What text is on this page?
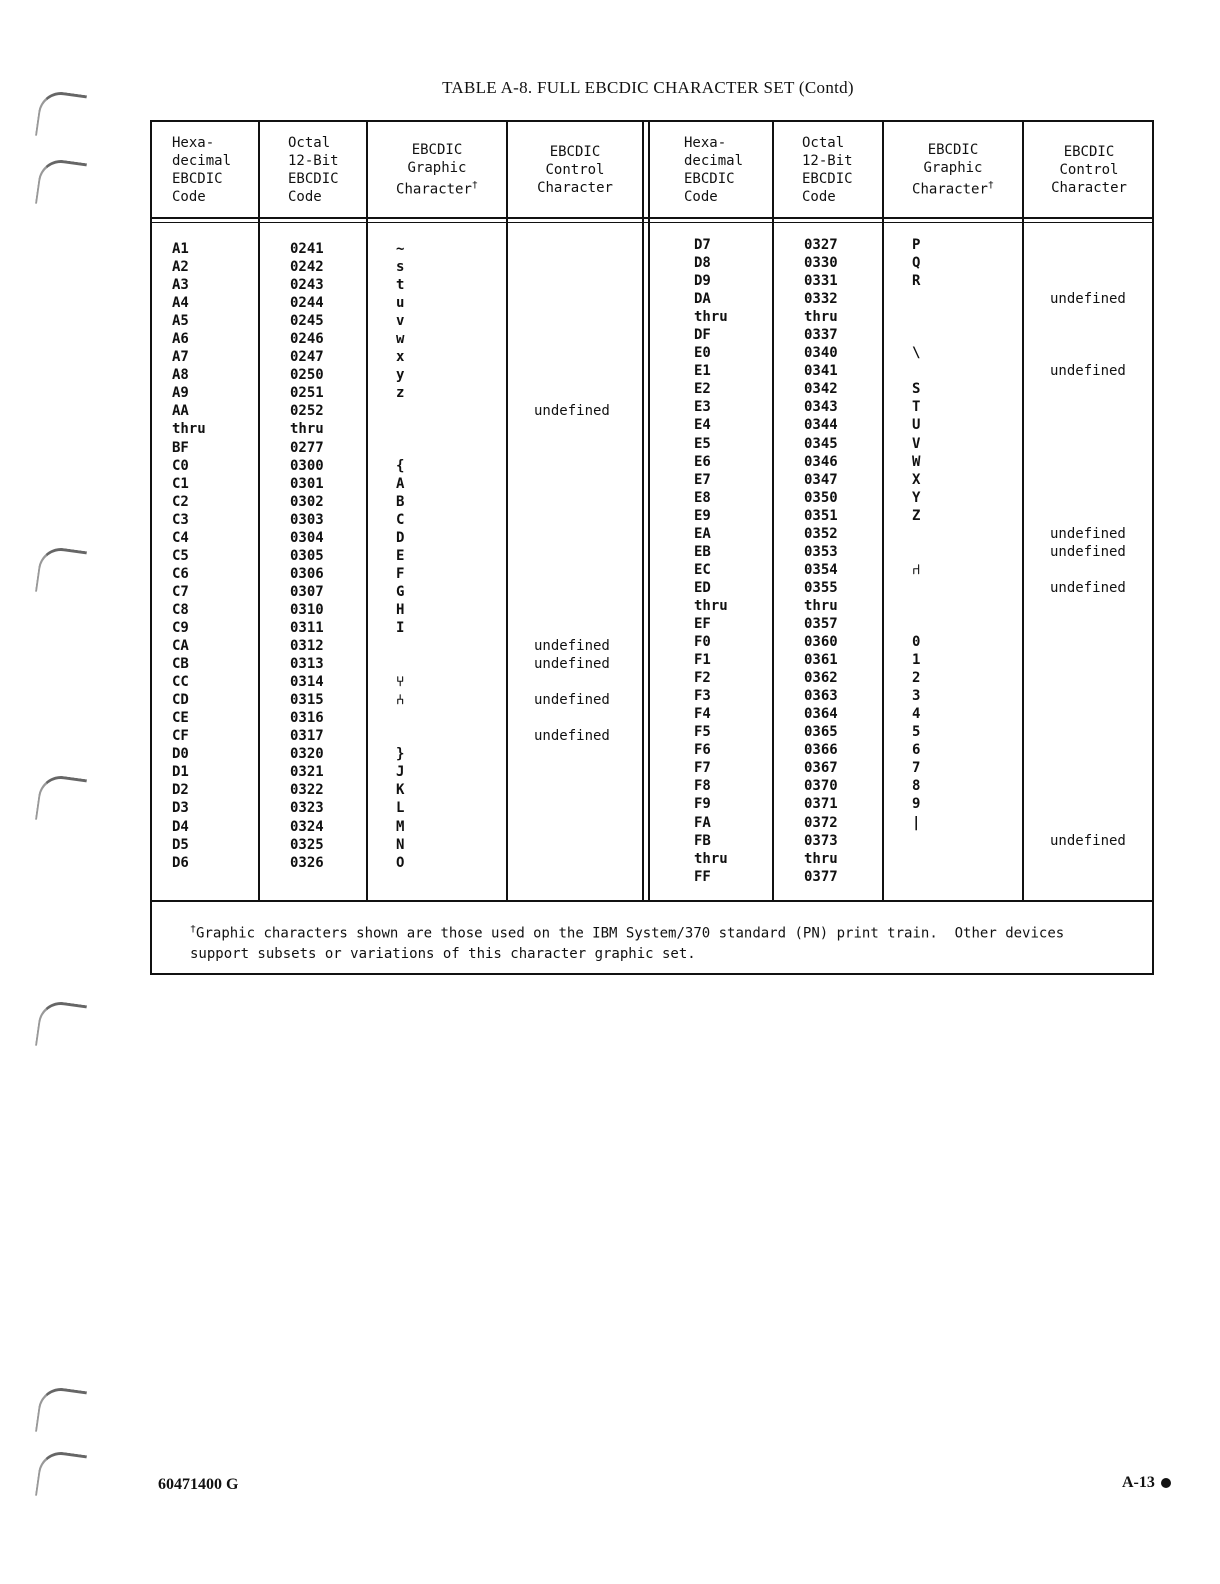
TABLE A-8. FULL EBCDIC CHARACTER SET (Contd)
Hexa-
decimal
EBCDIC
Code
Octal
12-Bit
EBCDIC
Code
EBCDIC
Graphic
Character†
EBCDIC
Control
Character
Hexa-
decimal
EBCDIC
Code
Octal
12-Bit
EBCDIC
Code
EBCDIC
Graphic
Character†
EBCDIC
Control
Character
A1
A2
A3
A4
A5
A6
A7
A8
A9
AA
thru
BF
C0
C1
C2
C3
C4
C5
C6
C7
C8
C9
CA
CB
CC
CD
CE
CF
D0
D1
D2
D3
D4
D5
D6
0241
0242
0243
0244
0245
0246
0247
0250
0251
0252
thru
0277
0300
0301
0302
0303
0304
0305
0306
0307
0310
0311
0312
0313
0314
0315
0316
0317
0320
0321
0322
0323
0324
0325
0326
~
s
t
u
v
w
x
y
z
{
A
B
C
D
E
F
G
H
I
⑂
⑃
}
J
K
L
M
N
O
undefined
undefined
undefined
undefined
undefined
D7
D8
D9
DA
thru
DF
E0
E1
E2
E3
E4
E5
E6
E7
E8
E9
EA
EB
EC
ED
thru
EF
F0
F1
F2
F3
F4
F5
F6
F7
F8
F9
FA
FB
thru
FF
0327
0330
0331
0332
thru
0337
0340
0341
0342
0343
0344
0345
0346
0347
0350
0351
0352
0353
0354
0355
thru
0357
0360
0361
0362
0363
0364
0365
0366
0367
0370
0371
0372
0373
thru
0377
P
Q
R
\
S
T
U
V
W
X
Y
Z
⑁
0
1
2
3
4
5
6
7
8
9
|
undefined
undefined
undefined
undefined
undefined
undefined
†Graphic characters shown are those used on the IBM System/370 standard (PN) print train.  Other devices
support subsets or variations of this character graphic set.
60471400 G	A-13
